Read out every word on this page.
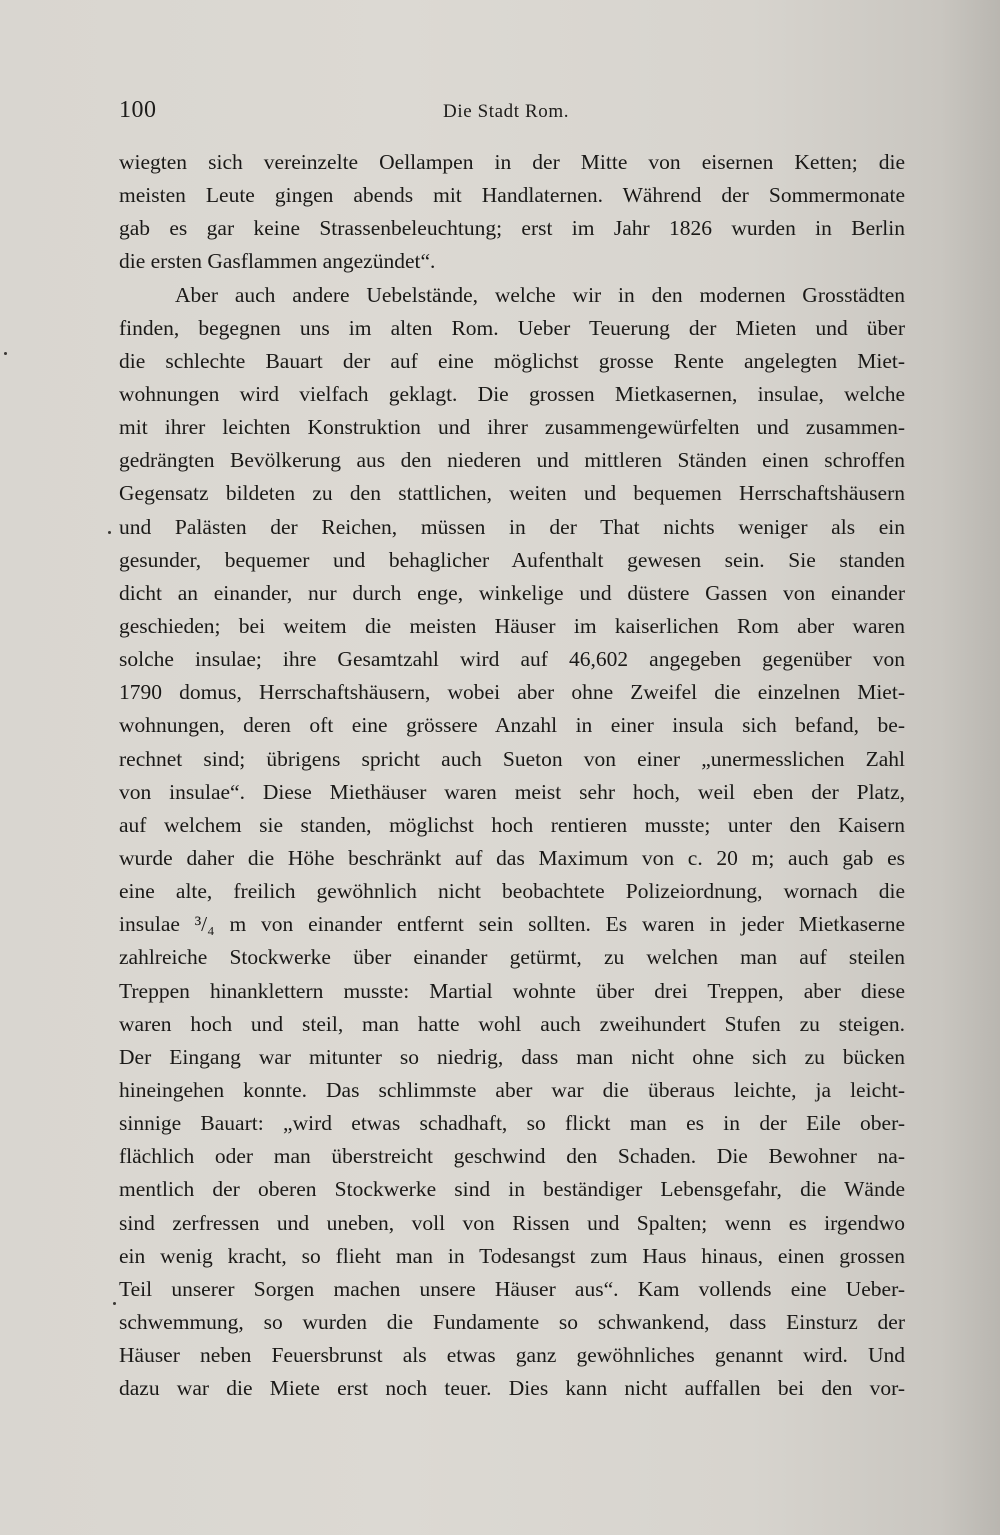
100	Die Stadt Rom.
wiegten sich vereinzelte Oellampen in der Mitte von eisernen Ketten; die
meisten Leute gingen abends mit Handlaternen. Während der Sommermonate
gab es gar keine Strassenbeleuchtung; erst im Jahr 1826 wurden in Berlin
die ersten Gasflammen angezündet“.
Aber auch andere Uebelstände, welche wir in den modernen Grosstädten
finden, begegnen uns im alten Rom. Ueber Teuerung der Mieten und über
die schlechte Bauart der auf eine möglichst grosse Rente angelegten Miet-
wohnungen wird vielfach geklagt. Die grossen Mietkasernen, insulae, welche
mit ihrer leichten Konstruktion und ihrer zusammengewürfelten und zusammen-
gedrängten Bevölkerung aus den niederen und mittleren Ständen einen schroffen
Gegensatz bildeten zu den stattlichen, weiten und bequemen Herrschaftshäusern
und Palästen der Reichen, müssen in der That nichts weniger als ein
gesunder, bequemer und behaglicher Aufenthalt gewesen sein. Sie standen
dicht an einander, nur durch enge, winkelige und düstere Gassen von einander
geschieden; bei weitem die meisten Häuser im kaiserlichen Rom aber waren
solche insulae; ihre Gesamtzahl wird auf 46,602 angegeben gegenüber von
1790 domus, Herrschaftshäusern, wobei aber ohne Zweifel die einzelnen Miet-
wohnungen, deren oft eine grössere Anzahl in einer insula sich befand, be-
rechnet sind; übrigens spricht auch Sueton von einer „unermesslichen Zahl
von insulae“. Diese Miethäuser waren meist sehr hoch, weil eben der Platz,
auf welchem sie standen, möglichst hoch rentieren musste; unter den Kaisern
wurde daher die Höhe beschränkt auf das Maximum von c. 20 m; auch gab es
eine alte, freilich gewöhnlich nicht beobachtete Polizeiordnung, wornach die
insulae ³/₄ m von einander entfernt sein sollten. Es waren in jeder Mietkaserne
zahlreiche Stockwerke über einander getürmt, zu welchen man auf steilen
Treppen hinanklettern musste: Martial wohnte über drei Treppen, aber diese
waren hoch und steil, man hatte wohl auch zweihundert Stufen zu steigen.
Der Eingang war mitunter so niedrig, dass man nicht ohne sich zu bücken
hineingehen konnte. Das schlimmste aber war die überaus leichte, ja leicht-
sinnige Bauart: „wird etwas schadhaft, so flickt man es in der Eile ober-
flächlich oder man überstreicht geschwind den Schaden. Die Bewohner na-
mentlich der oberen Stockwerke sind in beständiger Lebensgefahr, die Wände
sind zerfressen und uneben, voll von Rissen und Spalten; wenn es irgendwo
ein wenig kracht, so flieht man in Todesangst zum Haus hinaus, einen grossen
Teil unserer Sorgen machen unsere Häuser aus“. Kam vollends eine Ueber-
schwemmung, so wurden die Fundamente so schwankend, dass Einsturz der
Häuser neben Feuersbrunst als etwas ganz gewöhnliches genannt wird. Und
dazu war die Miete erst noch teuer. Dies kann nicht auffallen bei den vor-
